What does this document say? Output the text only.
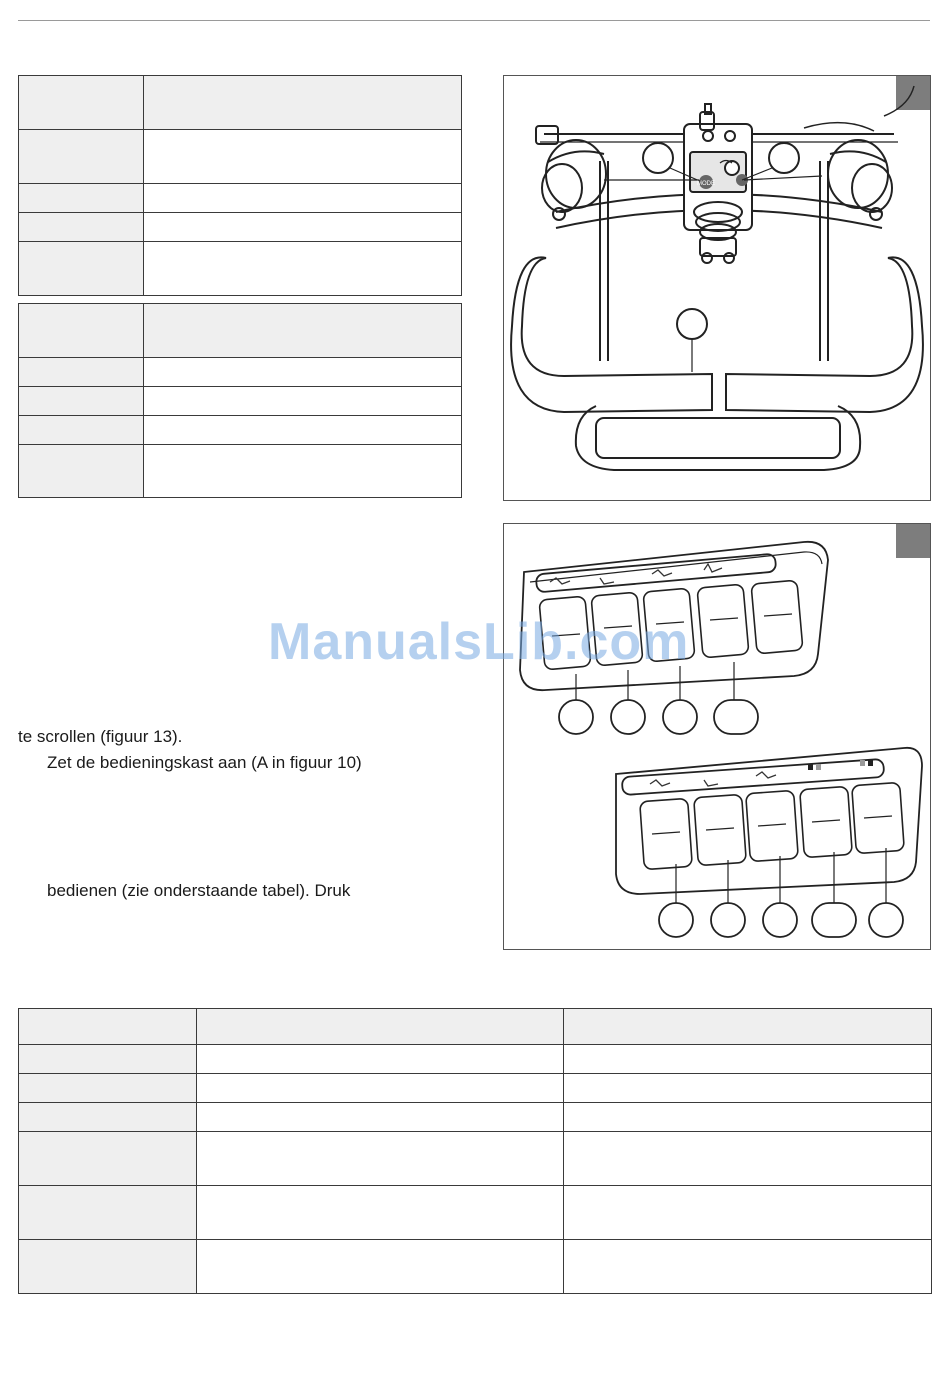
MODE
ManualsLib.com
te scrollen (figuur 13).
Zet de bedieningskast aan (A in figuur 10)
bedienen (zie onderstaande tabel). Druk
